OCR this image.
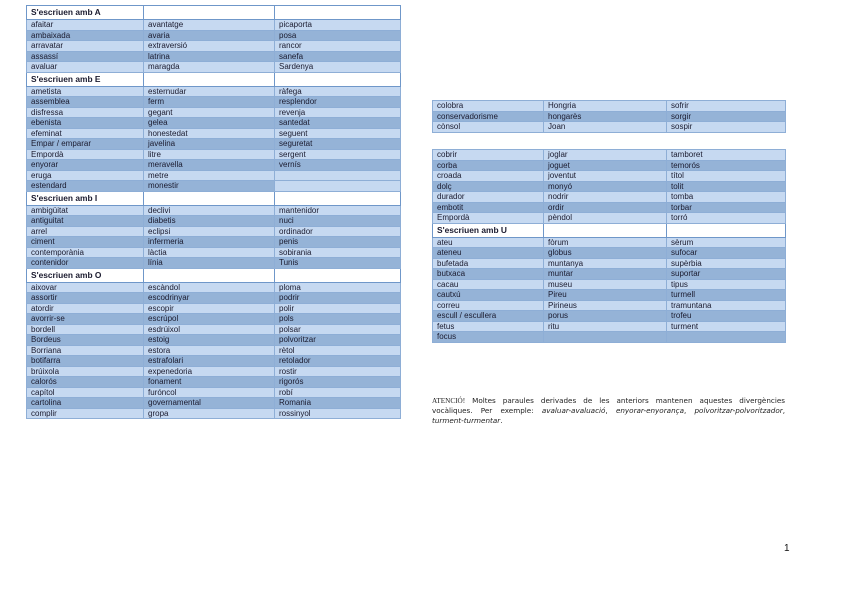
S'escriuen amb A		
afaitar	avantatge	picaporta
ambaixada	avaria	posa
arravatar	extraversió	rancor
assassí	latrina	sanefa
avaluar	maragda	Sardenya
S'escriuen amb E		
ametista	esternudar	ràfega
assemblea	ferm	resplendor
disfressa	gegant	revenja
ebenista	gelea	santedat
efeminat	honestedat	seguent
Empar / emparar	javelina	seguretat
Empordà	litre	sergent
enyorar	meravella	vernís
eruga	metre	
estendard	monestir	
S'escriuen amb I		
ambigüitat	declivi	mantenidor
antiguitat	diabetis	nuci
arrel	eclipsi	ordinador
ciment	infermeria	penis
contemporània	làctia	sobirania
contenidor	línia	Tunis
S'escriuen amb O		
aixovar	escàndol	ploma
assortir	escodrinyar	podrir
atordir	escopir	polir
avorrir-se	escrúpol	pols
bordell	esdrúixol	polsar
Bordeus	estoig	polvoritzar
Borriana	estora	rètol
botifarra	estrafolari	retolador
brúixola	expenedoria	rostir
calorós	fonament	rigorós
capítol	furóncol	robí
cartolina	governamental	Romania
complir	gropa	rossinyol
colobra	Hongria	sofrir
conservadorisme	hongarès	sorgir
cònsol	Joan	sospir
cobrir	joglar	tamboret
corba	joguet	temorós
croada	joventut	títol
dolç	monyó	tolit
durador	nodrir	tomba
embotit	ordir	torbar
Empordà	pèndol	torró
S'escriuen amb U		
ateu	fòrum	sèrum
ateneu	globus	sufocar
bufetada	muntanya	supèrbia
butxaca	muntar	suportar
cacau	museu	tipus
cautxú	Pireu	turmell
correu	Pirineus	tramuntana
escull / escullera	porus	trofeu
fetus	ritu	turment
focus		
ATENCIÓ! Moltes paraules derivades de les anteriors mantenen aquestes divergències vocàliques. Per exemple: avaluar-avaluació, enyorar-enyorança, polvoritzar-polvoritzador, turment-turmentar.
1
